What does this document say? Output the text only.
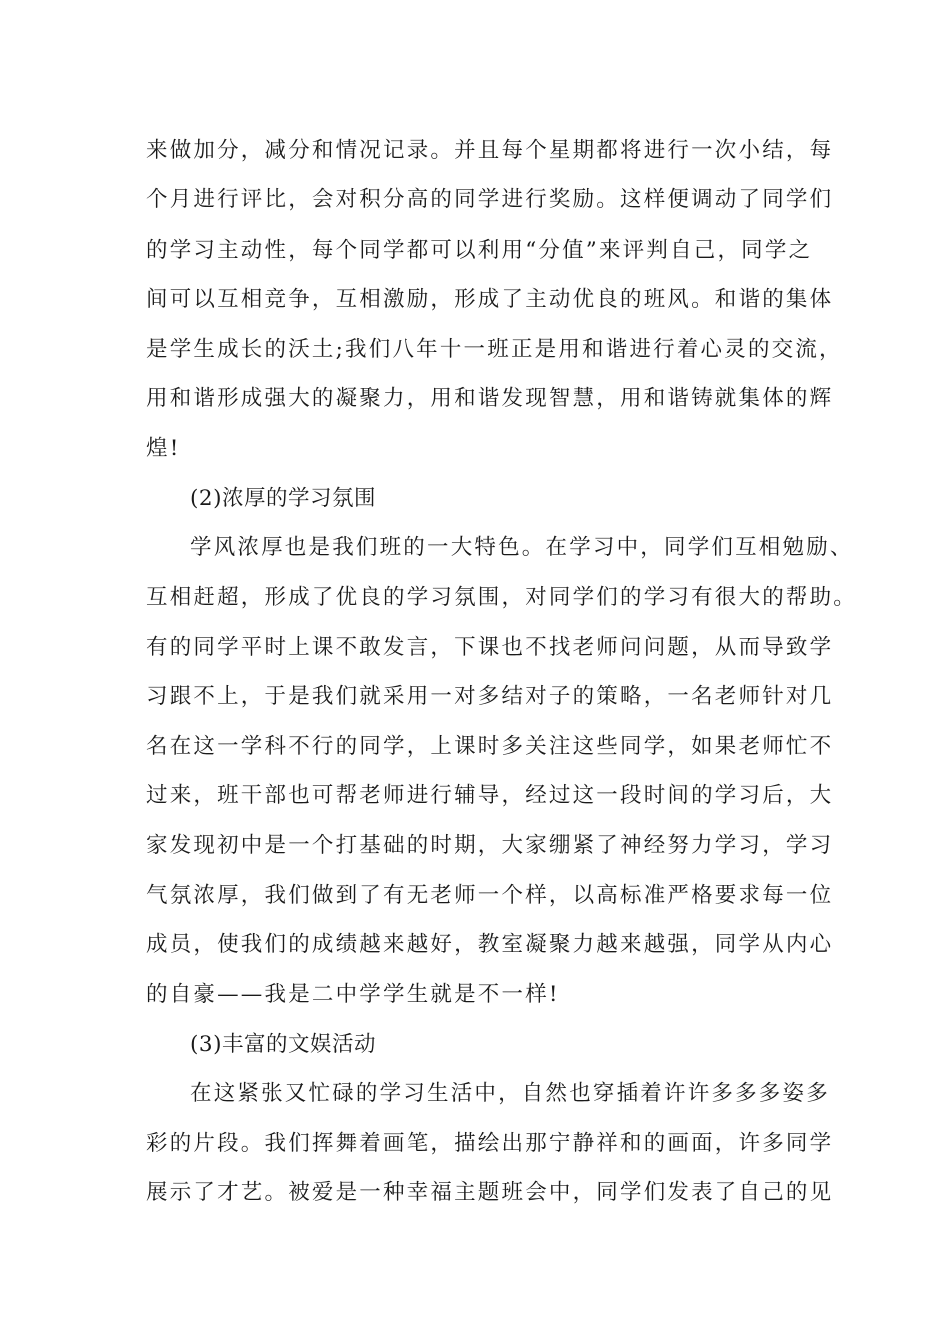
来做加分，减分和情况记录。并且每个星期都将进行一次小结，每
个月进行评比，会对积分高的同学进行奖励。这样便调动了同学们
的学习主动性，每个同学都可以利用“分值”来评判自己，同学之
间可以互相竞争，互相激励，形成了主动优良的班风。和谐的集体
是学生成长的沃土;我们八年十一班正是用和谐进行着心灵的交流，
用和谐形成强大的凝聚力，用和谐发现智慧，用和谐铸就集体的辉
煌!
(2)浓厚的学习氛围
学风浓厚也是我们班的一大特色。在学习中，同学们互相勉励、
互相赶超，形成了优良的学习氛围，对同学们的学习有很大的帮助。
有的同学平时上课不敢发言，下课也不找老师问问题，从而导致学
习跟不上，于是我们就采用一对多结对子的策略，一名老师针对几
名在这一学科不行的同学，上课时多关注这些同学，如果老师忙不
过来，班干部也可帮老师进行辅导，经过这一段时间的学习后，大
家发现初中是一个打基础的时期，大家绷紧了神经努力学习，学习
气氛浓厚，我们做到了有无老师一个样，以高标准严格要求每一位
成员，使我们的成绩越来越好，教室凝聚力越来越强，同学从内心
的自豪——我是二中学学生就是不一样!
(3)丰富的文娱活动
在这紧张又忙碌的学习生活中，自然也穿插着许许多多多姿多
彩的片段。我们挥舞着画笔，描绘出那宁静祥和的画面，许多同学
展示了才艺。被爱是一种幸福主题班会中，同学们发表了自己的见
